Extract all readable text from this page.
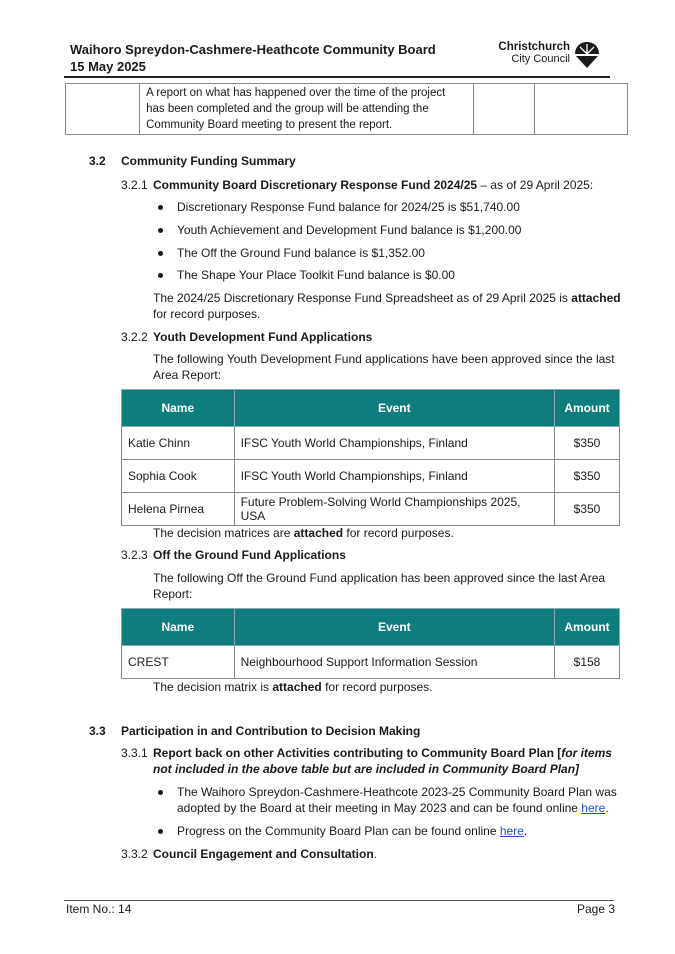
Waihoro Spreydon-Cashmere-Heathcote Community Board
15 May 2025
Christchurch
City Council

A report on what has happened over the time of the project
has been completed and the group will be attending the
Community Board meeting to present the report.

3.2 Community Funding Summary
3.2.1 Community Board Discretionary Response Fund 2024/25 – as of 29 April 2025:
Discretionary Response Fund balance for 2024/25 is $51,740.00
Youth Achievement and Development Fund balance is $1,200.00
The Off the Ground Fund balance is $1,352.00
The Shape Your Place Toolkit Fund balance is $0.00
The 2024/25 Discretionary Response Fund Spreadsheet as of 29 April 2025 is attached
for record purposes.
3.2.2 Youth Development Fund Applications
The following Youth Development Fund applications have been approved since the last
Area Report:
Name	Event	Amount
Katie Chinn	IFSC Youth World Championships, Finland	$350
Sophia Cook	IFSC Youth World Championships, Finland	$350
Helena Pirnea	Future Problem-Solving World Championships 2025, USA	$350
The decision matrices are attached for record purposes.
3.2.3 Off the Ground Fund Applications
The following Off the Ground Fund application has been approved since the last Area
Report:
Name	Event	Amount
CREST	Neighbourhood Support Information Session	$158
The decision matrix is attached for record purposes.
3.3 Participation in and Contribution to Decision Making
3.3.1 Report back on other Activities contributing to Community Board Plan [for items
not included in the above table but are included in Community Board Plan]
The Waihoro Spreydon-Cashmere-Heathcote 2023-25 Community Board Plan was
adopted by the Board at their meeting in May 2023 and can be found online here.
Progress on the Community Board Plan can be found online here.
3.3.2 Council Engagement and Consultation.
Item No.: 14	Page 3
